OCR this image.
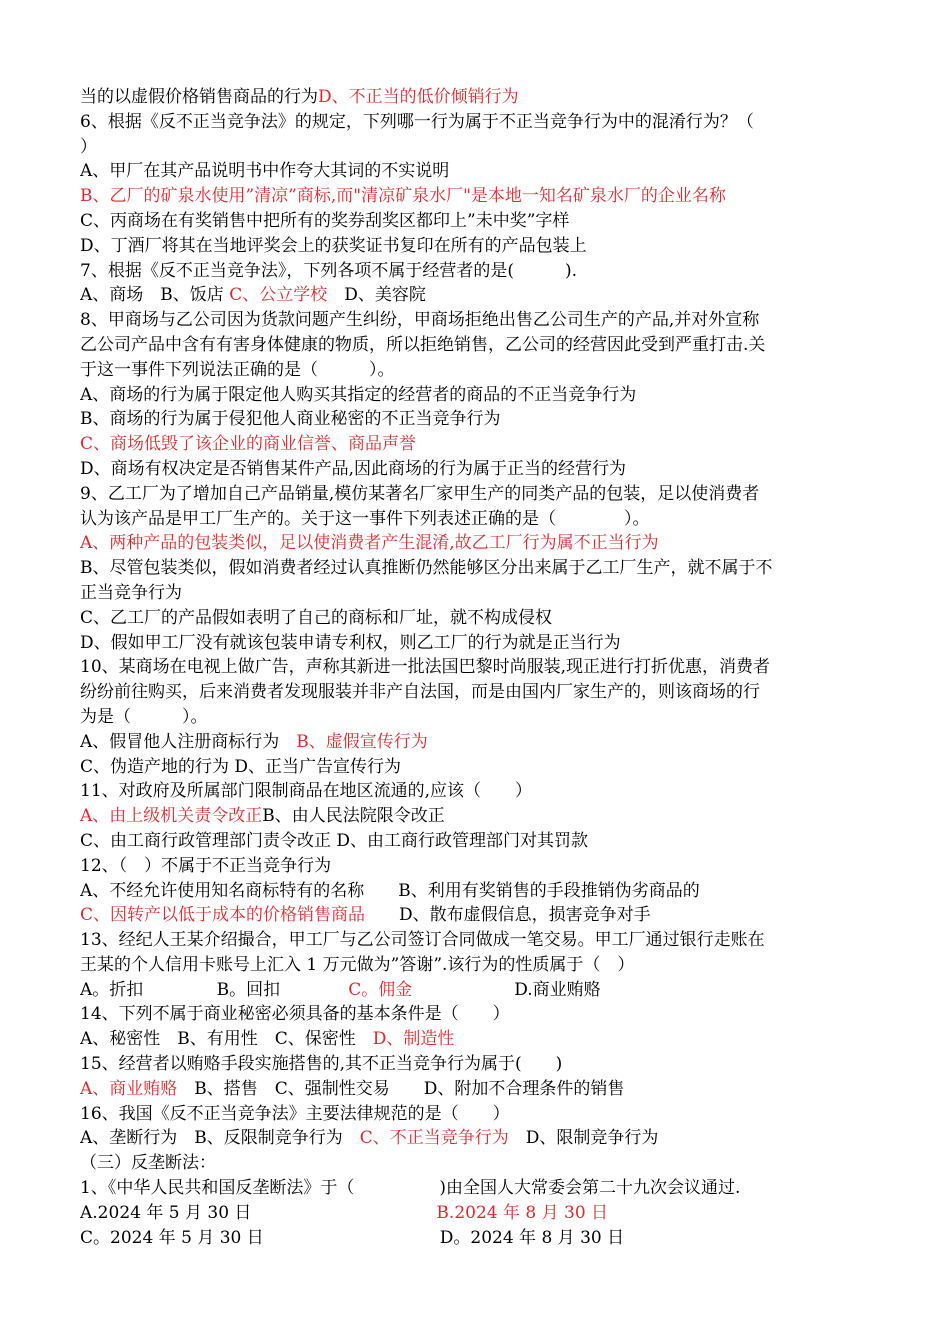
当的以虚假价格销售商品的行为D、不正当的低价倾销行为
6、根据《反不正当竞争法》的规定，下列哪一行为属于不正当竞争行为中的混淆行为？（
）
A、甲厂在其产品说明书中作夸大其词的不实说明
B、乙厂的矿泉水使用”清凉”商标,而"清凉矿泉水厂"是本地一知名矿泉水厂的企业名称
C、丙商场在有奖销售中把所有的奖券刮奖区都印上”未中奖”字样
D、丁酒厂将其在当地评奖会上的获奖证书复印在所有的产品包装上
7、根据《反不正当竞争法》，下列各项不属于经营者的是(　　　).
A、商场　B、饭店 C、公立学校　D、美容院
8、甲商场与乙公司因为货款问题产生纠纷，甲商场拒绝出售乙公司生产的产品,并对外宣称
乙公司产品中含有有害身体健康的物质，所以拒绝销售，乙公司的经营因此受到严重打击.关
于这一事件下列说法正确的是（　　　）。
A、商场的行为属于限定他人购买其指定的经营者的商品的不正当竞争行为
B、商场的行为属于侵犯他人商业秘密的不正当竞争行为
C、商场低毁了该企业的商业信誉、商品声誉
D、商场有权决定是否销售某件产品,因此商场的行为属于正当的经营行为
9、乙工厂为了增加自己产品销量,模仿某著名厂家甲生产的同类产品的包装，足以使消费者
认为该产品是甲工厂生产的。关于这一事件下列表述正确的是（　　　　）。
A、两种产品的包装类似，足以使消费者产生混淆,故乙工厂行为属不正当行为
B、尽管包装类似，假如消费者经过认真推断仍然能够区分出来属于乙工厂生产，就不属于不
正当竞争行为
C、乙工厂的产品假如表明了自己的商标和厂址，就不构成侵权
D、假如甲工厂没有就该包装申请专利权，则乙工厂的行为就是正当行为
10、某商场在电视上做广告，声称其新进一批法国巴黎时尚服装,现正进行打折优惠，消费者
纷纷前往购买，后来消费者发现服装并非产自法国，而是由国内厂家生产的，则该商场的行
为是（　　　）。
A、假冒他人注册商标行为　B、虚假宣传行为
C、伪造产地的行为 D、正当广告宣传行为
11、对政府及所属部门限制商品在地区流通的,应该（　　）
A、由上级机关责令改正B、由人民法院限令改正
C、由工商行政管理部门责令改正 D、由工商行政管理部门对其罚款
12、（　）不属于不正当竞争行为
A、不经允许使用知名商标特有的名称　　B、利用有奖销售的手段推销伪劣商品的
C、因转产以低于成本的价格销售商品　　D、散布虚假信息，损害竞争对手
13、经纪人王某介绍撮合，甲工厂与乙公司签订合同做成一笔交易。甲工厂通过银行走账在
王某的个人信用卡账号上汇入 1 万元做为”答谢”.该行为的性质属于（　）
A。折扣　　　　 B。回扣　　　　C。佣金　　　　　　D.商业贿赂
14、下列不属于商业秘密必须具备的基本条件是（　　）
A、秘密性　B、有用性　C、保密性　D、制造性
15、经营者以贿赂手段实施搭售的,其不正当竞争行为属于(　　)
A、商业贿赂　B、搭售　C、强制性交易　　D、附加不合理条件的销售
16、我国《反不正当竞争法》主要法律规范的是（　　）
A、垄断行为　B、反限制竞争行为　C、不正当竞争行为　D、限制竞争行为
（三）反垄断法：
1、《中华人民共和国反垄断法》于（　　　　　)由全国人大常委会第二十九次会议通过.
A.2024 年 5 月 30 日	B.2024 年 8 月 30 日
C。2024 年 5 月 30 日	D。2024 年 8 月 30 日
